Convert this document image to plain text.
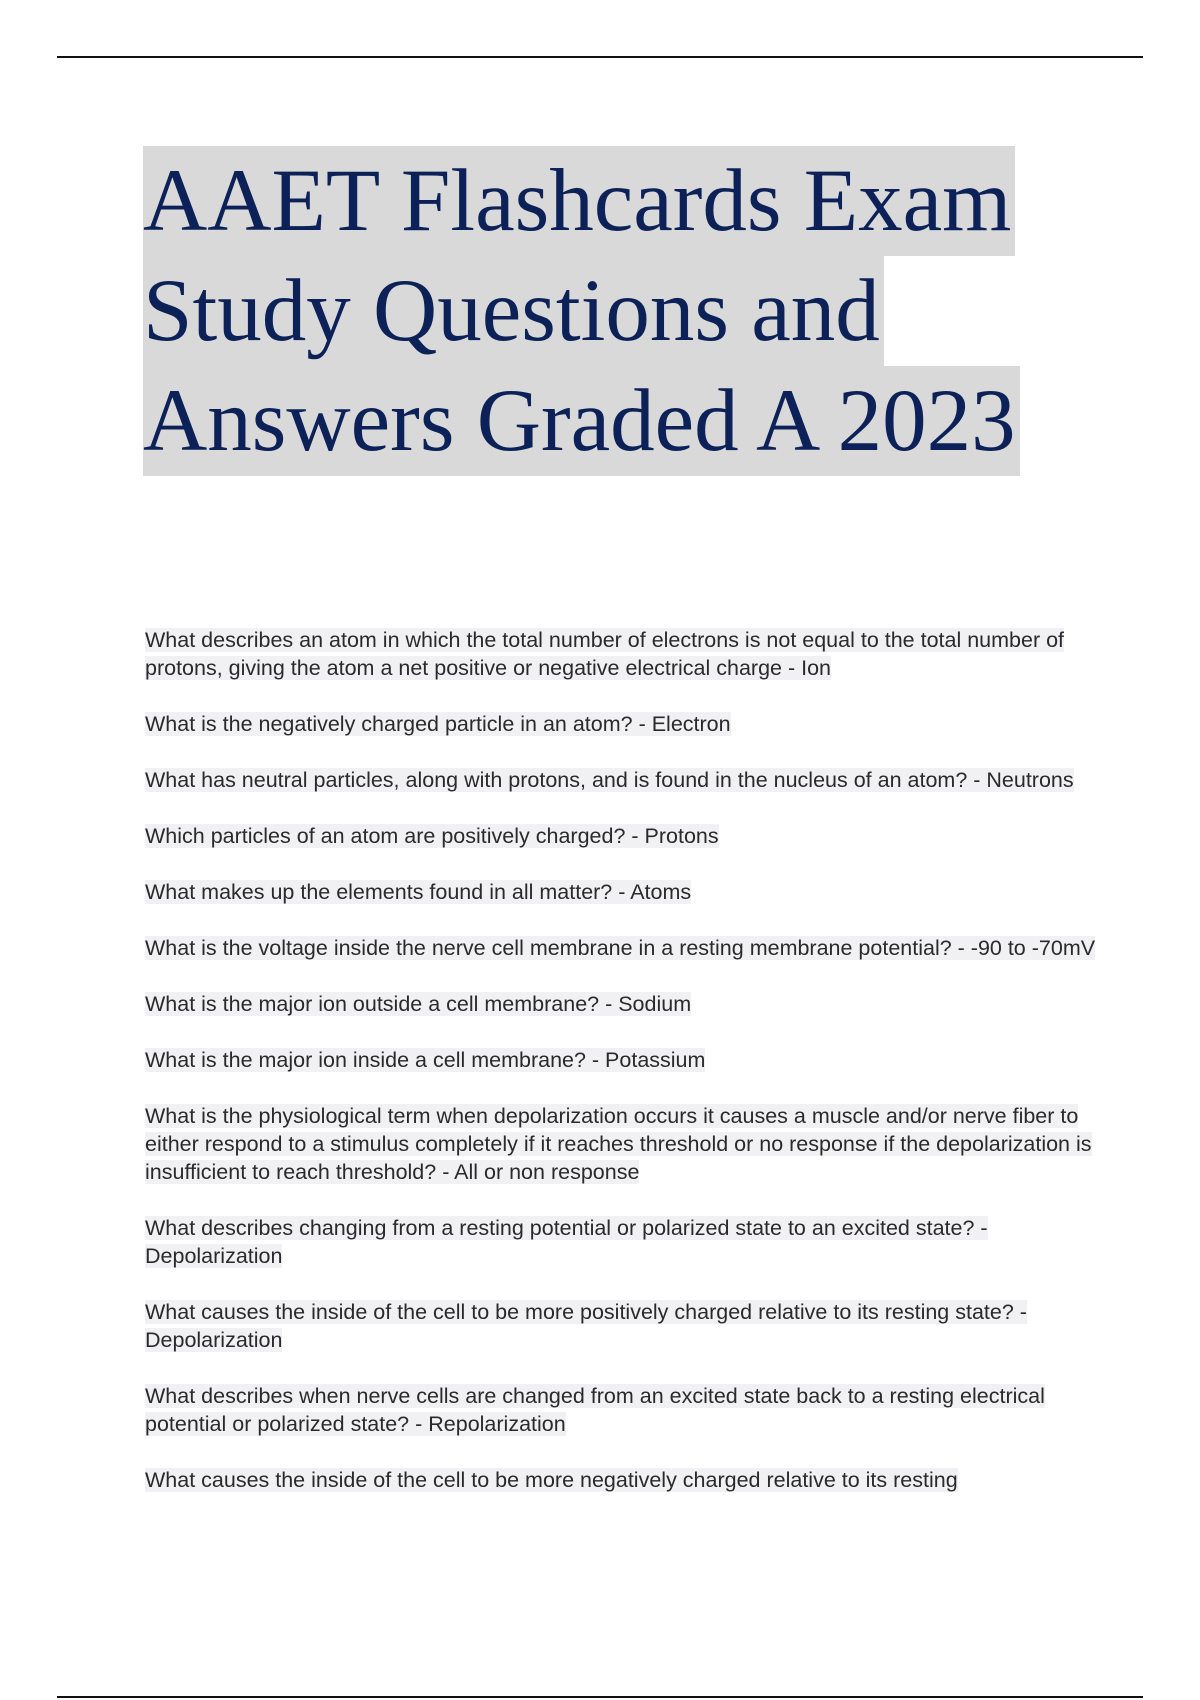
AAET Flashcards Exam
Study Questions and
Answers Graded A 2023

What describes an atom in which the total number of electrons is not equal to the total number of protons, giving the atom a net positive or negative electrical charge - Ion

What is the negatively charged particle in an atom? - Electron

What has neutral particles, along with protons, and is found in the nucleus of an atom? - Neutrons

Which particles of an atom are positively charged? - Protons

What makes up the elements found in all matter? - Atoms

What is the voltage inside the nerve cell membrane in a resting membrane potential? - -90 to -70mV

What is the major ion outside a cell membrane? - Sodium

What is the major ion inside a cell membrane? - Potassium

What is the physiological term when depolarization occurs it causes a muscle and/or nerve fiber to either respond to a stimulus completely if it reaches threshold or no response if the depolarization is insufficient to reach threshold? - All or non response

What describes changing from a resting potential or polarized state to an excited state? - Depolarization

What causes the inside of the cell to be more positively charged relative to its resting state? - Depolarization

What describes when nerve cells are changed from an excited state back to a resting electrical potential or polarized state? - Repolarization

What causes the inside of the cell to be more negatively charged relative to its resting
